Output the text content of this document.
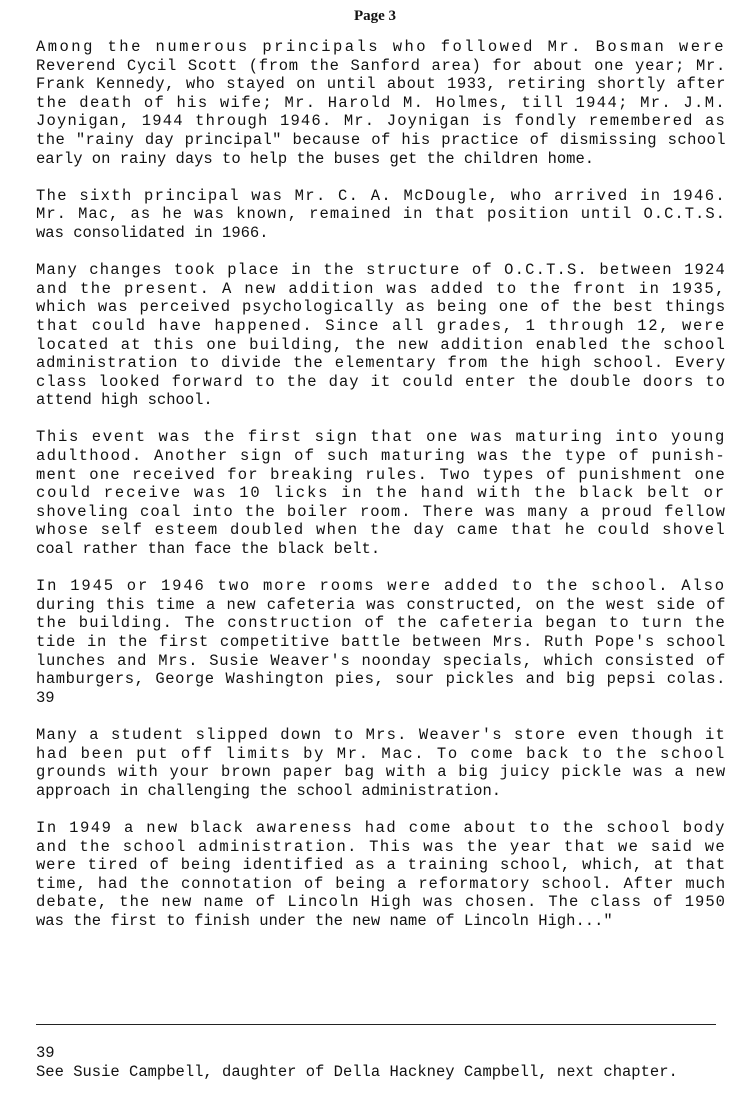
Page 3

Among the numerous principals who followed Mr. Bosman were
Reverend Cycil Scott (from the Sanford area) for about one year; Mr.
Frank Kennedy, who stayed on until about 1933, retiring shortly after
the death of his wife; Mr. Harold M. Holmes, till 1944; Mr. J.M.
Joynigan, 1944 through 1946. Mr. Joynigan is fondly remembered as
the "rainy day principal" because of his practice of dismissing school
early on rainy days to help the buses get the children home.

The sixth principal was Mr. C. A. McDougle, who arrived in 1946.
Mr. Mac, as he was known, remained in that position until O.C.T.S.
was consolidated in 1966.

Many changes took place in the structure of O.C.T.S. between 1924
and the present. A new addition was added to the front in 1935,
which was perceived psychologically as being one of the best things
that could have happened. Since all grades, 1 through 12, were
located at this one building, the new addition enabled the school
administration to divide the elementary from the high school. Every
class looked forward to the day it could enter the double doors to
attend high school.

This event was the first sign that one was maturing into young
adulthood. Another sign of such maturing was the type of punish-
ment one received for breaking rules. Two types of punishment one
could receive was 10 licks in the hand with the black belt or
shoveling coal into the boiler room. There was many a proud fellow
whose self esteem doubled when the day came that he could shovel
coal rather than face the black belt.

In 1945 or 1946 two more rooms were added to the school. Also
during this time a new cafeteria was constructed, on the west side of
the building. The construction of the cafeteria began to turn the
tide in the first competitive battle between Mrs. Ruth Pope's school
lunches and Mrs. Susie Weaver's noonday specials, which consisted of
hamburgers, George Washington pies, sour pickles and big pepsi colas.
39

Many a student slipped down to Mrs. Weaver's store even though it
had been put off limits by Mr. Mac. To come back to the school
grounds with your brown paper bag with a big juicy pickle was a new
approach in challenging the school administration.

In 1949 a new black awareness had come about to the school body
and the school administration. This was the year that we said we
were tired of being identified as a training school, which, at that
time, had the connotation of being a reformatory school. After much
debate, the new name of Lincoln High was chosen. The class of 1950
was the first to finish under the new name of Lincoln High..."

39
See Susie Campbell, daughter of Della Hackney Campbell, next chapter.
